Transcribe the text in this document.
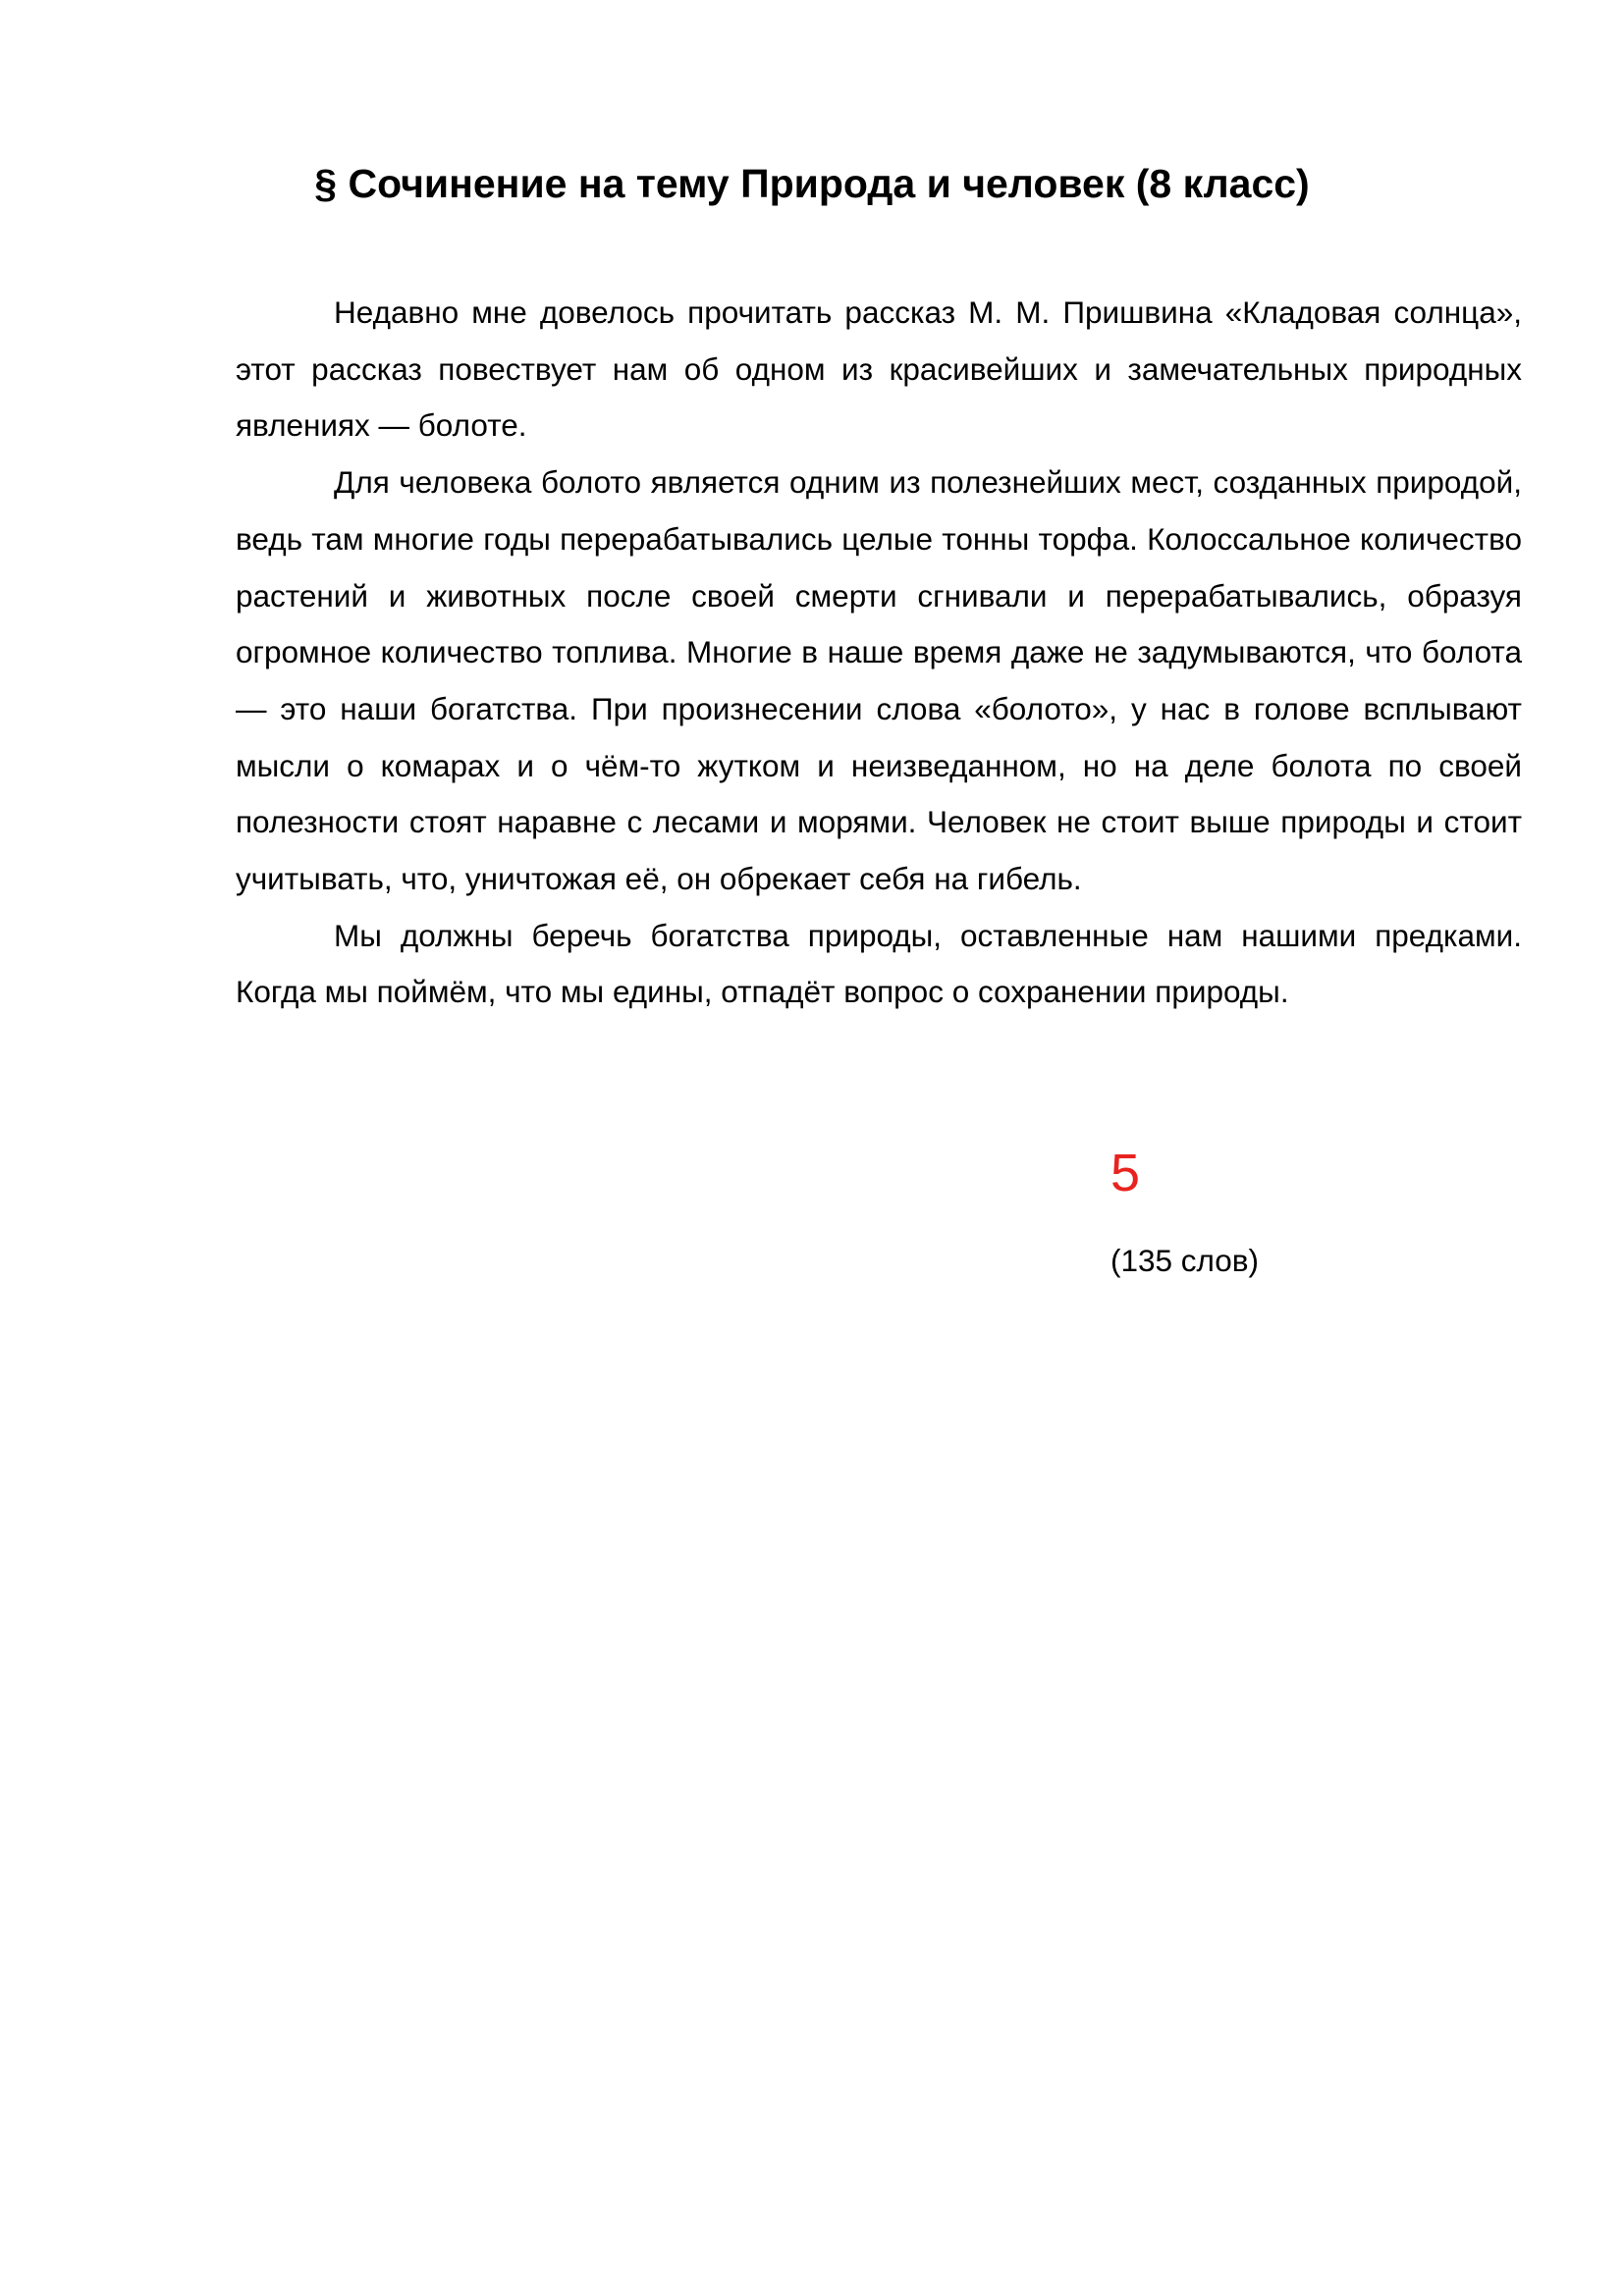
§ Сочинение на тему Природа и человек (8 класс)

Недавно мне довелось прочитать рассказ М. М. Пришвина «Кладовая солнца», этот рассказ повествует нам об одном из красивейших и замечательных природных явлениях — болоте.

Для человека болото является одним из полезнейших мест, созданных природой, ведь там многие годы перерабатывались целые тонны торфа. Колоссальное количество растений и животных после своей смерти сгнивали и перерабатывались, образуя огромное количество топлива. Многие в наше время даже не задумываются, что болота — это наши богатства. При произнесении слова «болото», у нас в голове всплывают мысли о комарах и о чём-то жутком и неизведанном, но на деле болота по своей полезности стоят наравне с лесами и морями. Человек не стоит выше природы и стоит учитывать, что, уничтожая её, он обрекает себя на гибель.

Мы должны беречь богатства природы, оставленные нам нашими предками. Когда мы поймём, что мы едины, отпадёт вопрос о сохранении природы.

5
(135 слов)
